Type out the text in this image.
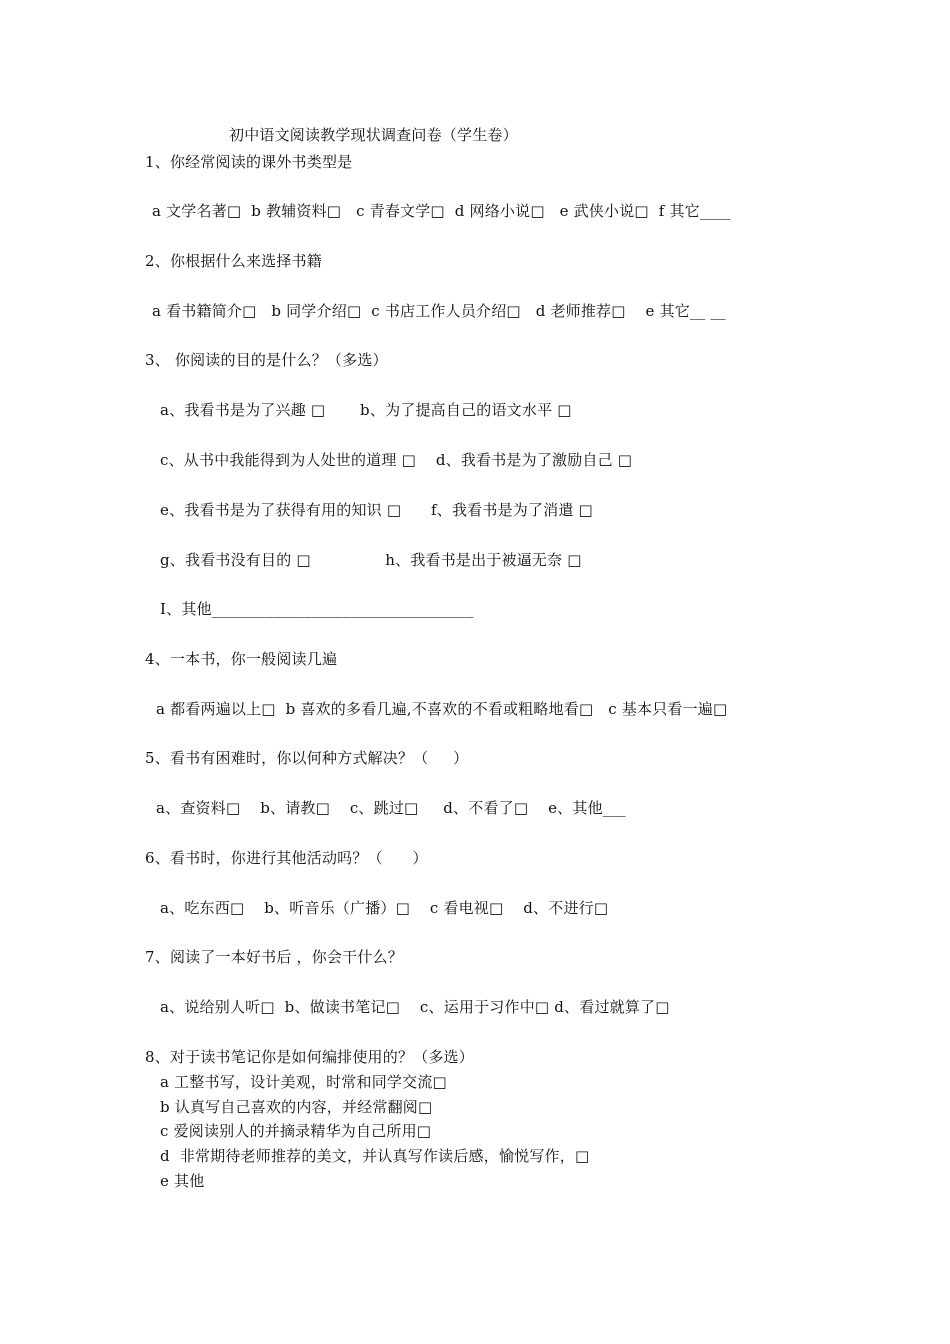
初中语文阅读教学现状调查问卷（学生卷）
1、你经常阅读的课外书类型是
a 文学名著□  b 教辅资料□   c 青春文学□  d 网络小说□   e 武侠小说□  f 其它____
2、你根据什么来选择书籍
a 看书籍简介□   b 同学介绍□  c 书店工作人员介绍□   d 老师推荐□    e 其它__ __
3、 你阅读的目的是什么？（多选）
a、我看书是为了兴趣 □       b、为了提高自己的语文水平 □
c、从书中我能得到为人处世的道理 □    d、我看书是为了激励自己 □
e、我看书是为了获得有用的知识 □      f、我看书是为了消遣 □
g、我看书没有目的 □               h、我看书是出于被逼无奈 □
I、其他__________________________________
4、一本书，你一般阅读几遍
a 都看两遍以上□  b 喜欢的多看几遍,不喜欢的不看或粗略地看□   c 基本只看一遍□
5、看书有困难时，你以何种方式解决？（     ）
a、查资料□    b、请教□    c、跳过□     d、不看了□    e、其他___
6、看书时，你进行其他活动吗？（      ）
a、吃东西□    b、听音乐（广播）□    c 看电视□    d、不进行□
7、阅读了一本好书后 ，你会干什么？
a、说给别人听□  b、做读书笔记□    c、运用于习作中□ d、看过就算了□
8、对于读书笔记你是如何编排使用的？（多选）
a 工整书写，设计美观，时常和同学交流□
b 认真写自己喜欢的内容，并经常翻阅□
c 爱阅读别人的并摘录精华为自己所用□
d  非常期待老师推荐的美文，并认真写作读后感，愉悦写作，□
e 其他
